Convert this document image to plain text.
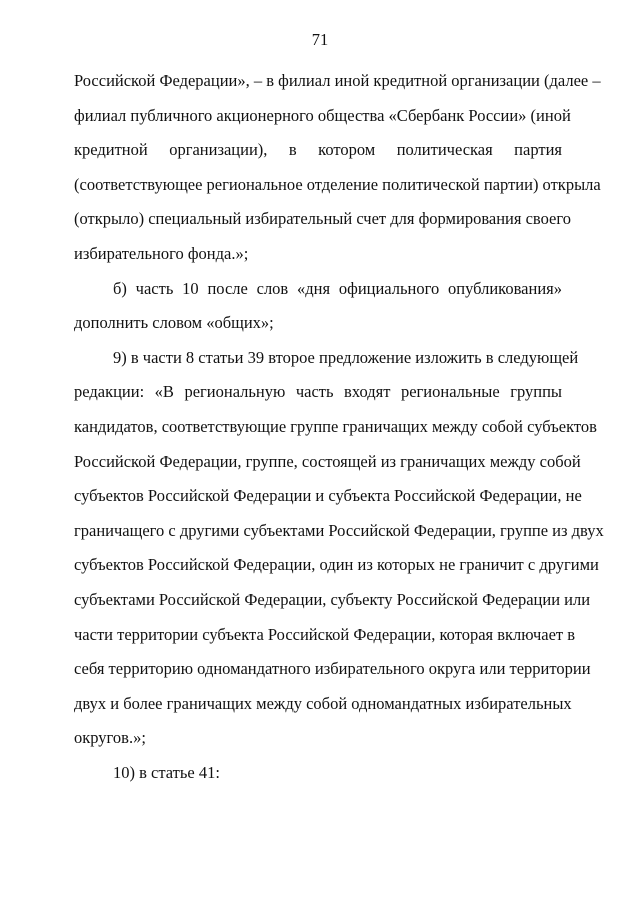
71
Российской Федерации», – в филиал иной кредитной организации (далее –
филиал публичного акционерного общества «Сбербанк России» (иной
кредитной организации), в котором политическая партия
(соответствующее региональное отделение политической партии) открыла
(открыло) специальный избирательный счет для формирования своего
избирательного фонда.»;
б) часть 10 после слов «дня официального опубликования»
дополнить словом «общих»;
9) в части 8 статьи 39 второе предложение изложить в следующей
редакции: «В региональную часть входят региональные группы
кандидатов, соответствующие группе граничащих между собой субъектов
Российской Федерации, группе, состоящей из граничащих между собой
субъектов Российской Федерации и субъекта Российской Федерации, не
граничащего с другими субъектами Российской Федерации, группе из двух
субъектов Российской Федерации, один из которых не граничит с другими
субъектами Российской Федерации, субъекту Российской Федерации или
части территории субъекта Российской Федерации, которая включает в
себя территорию одномандатного избирательного округа или территории
двух и более граничащих между собой одномандатных избирательных
округов.»;
10) в статье 41:
